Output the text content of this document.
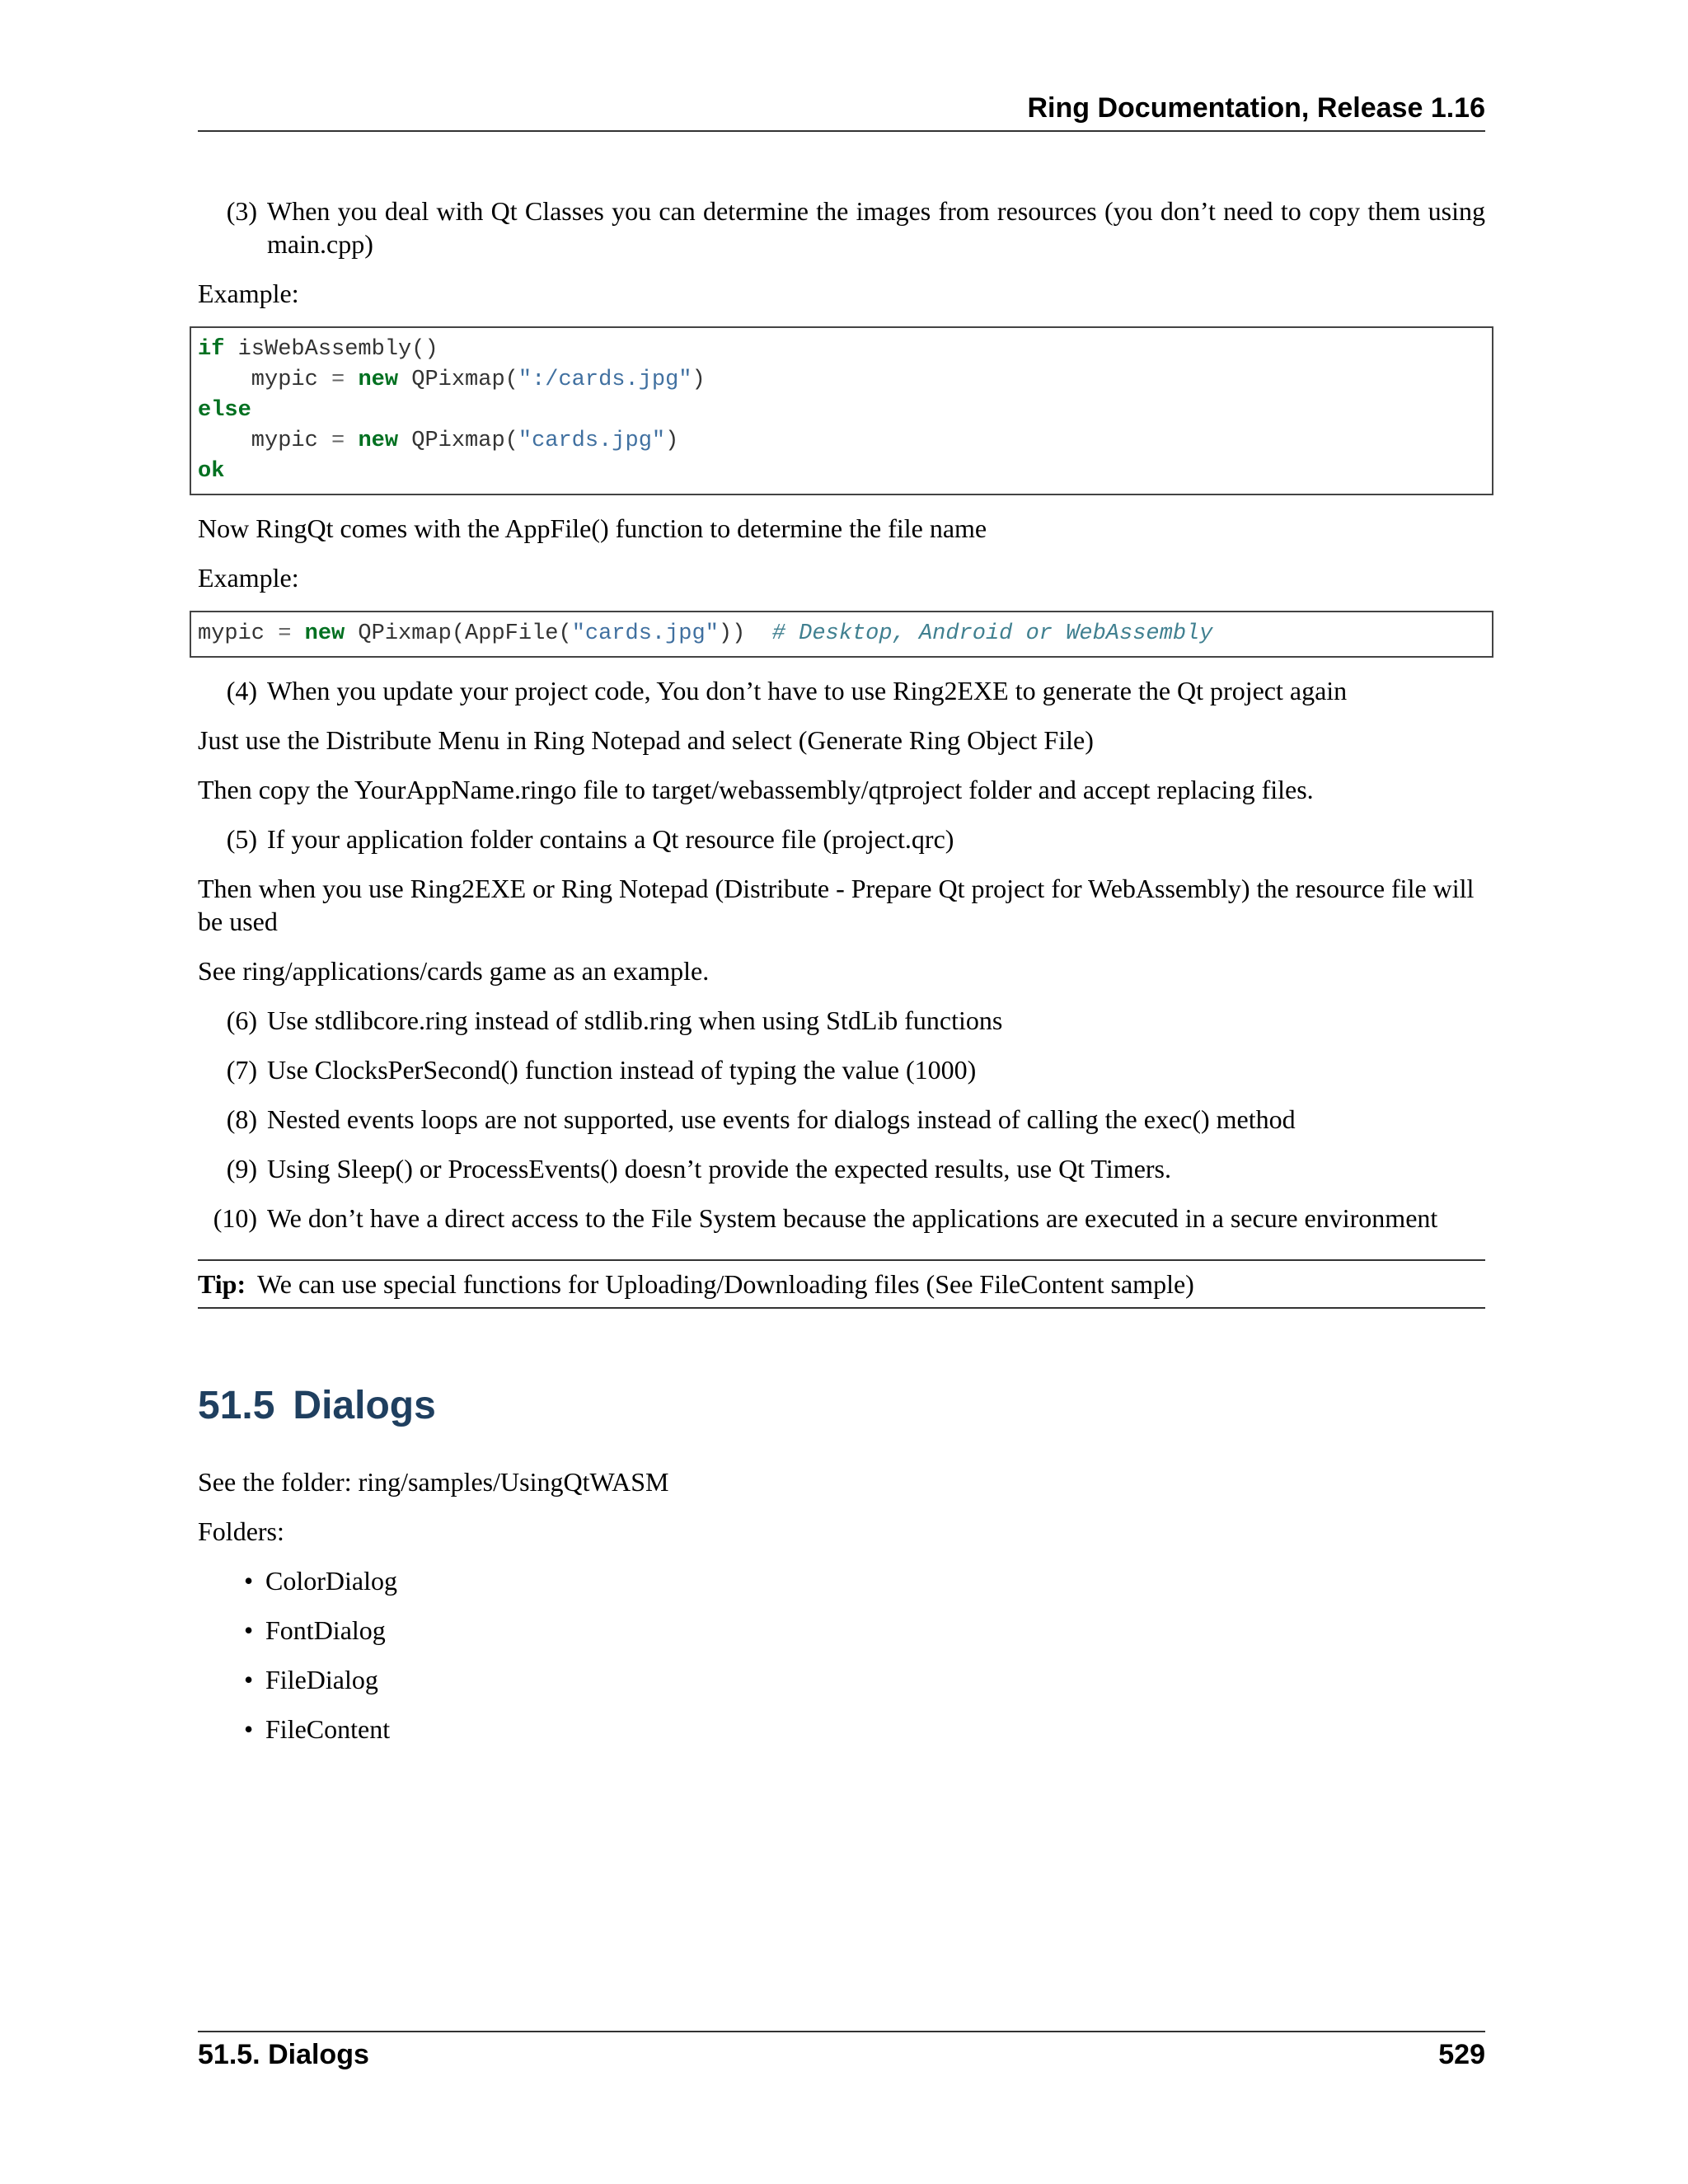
Ring Documentation, Release 1.16
(3) When you deal with Qt Classes you can determine the images from resources (you don’t need to copy them using main.cpp)

Example:

if isWebAssembly()
mypic = new QPixmap(":/cards.jpg")
else
mypic = new QPixmap("cards.jpg")
ok

Now RingQt comes with the AppFile() function to determine the file name

Example:

mypic = new QPixmap(AppFile("cards.jpg"))  # Desktop, Android or WebAssembly
(4) When you update your project code, You don’t have to use Ring2EXE to generate the Qt project again

Just use the Distribute Menu in Ring Notepad and select (Generate Ring Object File)

Then copy the YourAppName.ringo file to target/webassembly/qtproject folder and accept replacing files.

(5) If your application folder contains a Qt resource file (project.qrc)

Then when you use Ring2EXE or Ring Notepad (Distribute - Prepare Qt project for WebAssembly) the resource file will be used

See ring/applications/cards game as an example.

(6) Use stdlibcore.ring instead of stdlib.ring when using StdLib functions
(7) Use ClocksPerSecond() function instead of typing the value (1000)
(8) Nested events loops are not supported, use events for dialogs instead of calling the exec() method
(9) Using Sleep() or ProcessEvents() doesn’t provide the expected results, use Qt Timers.
(10) We don’t have a direct access to the File System because the applications are executed in a secure environment
Tip: We can use special functions for Uploading/Downloading files (See FileContent sample)
51.5 Dialogs

See the folder: ring/samples/UsingQtWASM

Folders:

• ColorDialog
• FontDialog
• FileDialog
• FileContent
51.5. Dialogs	529
